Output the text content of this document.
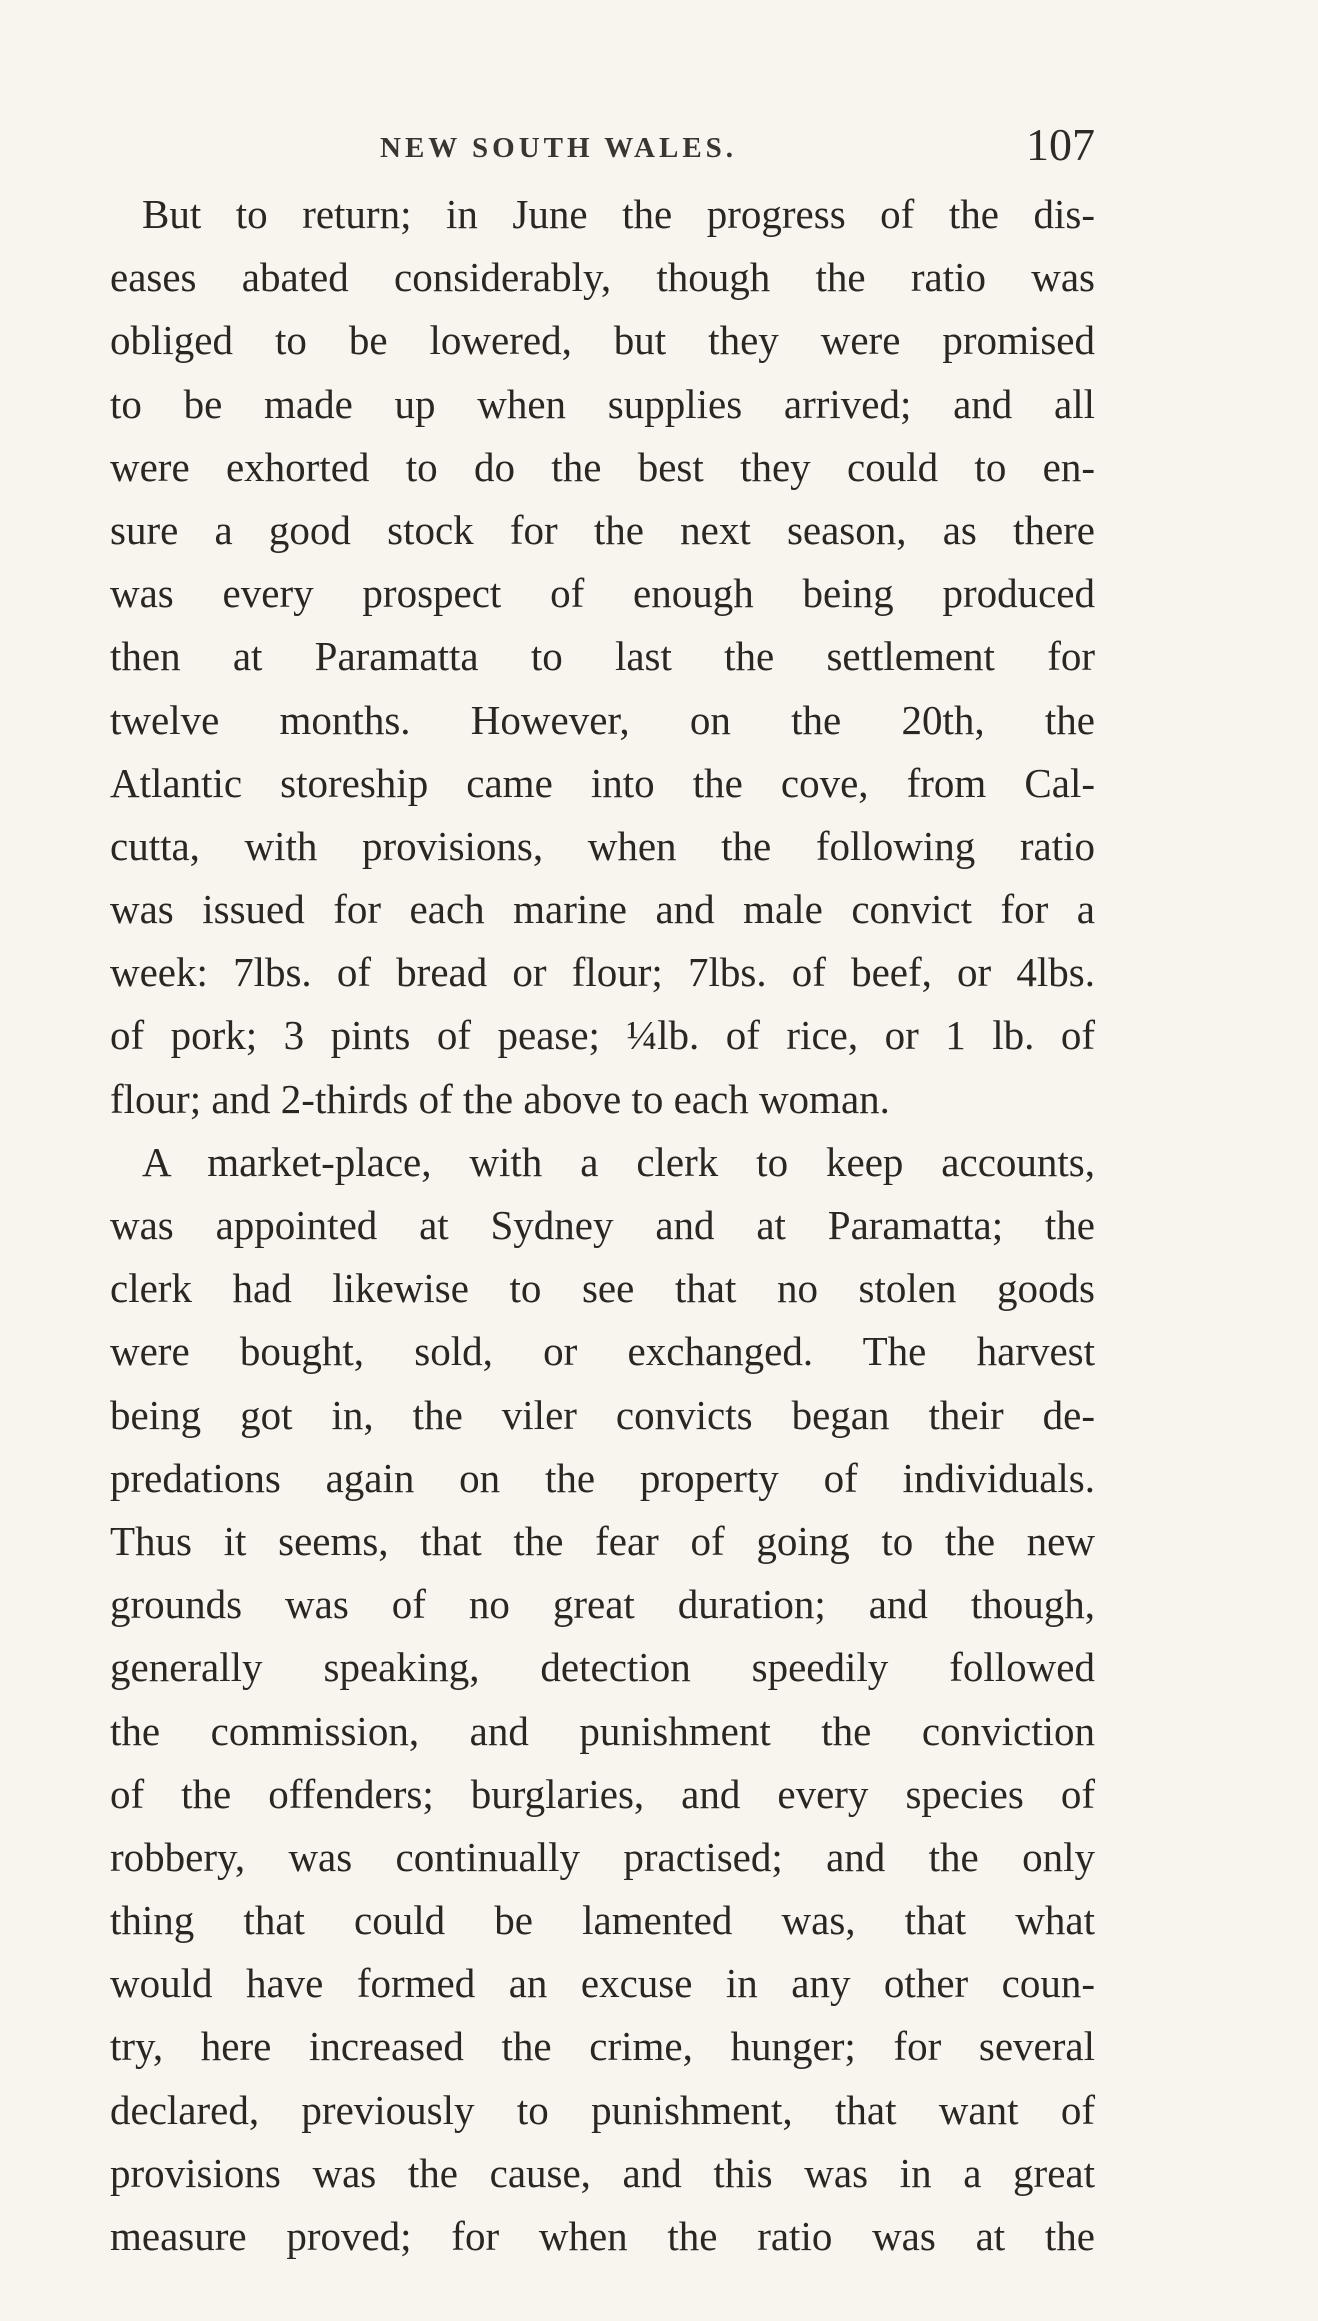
NEW SOUTH WALES.	107
But to return; in June the progress of the dis-
eases abated considerably, though the ratio was
obliged to be lowered, but they were promised
to be made up when supplies arrived; and all
were exhorted to do the best they could to en-
sure a good stock for the next season, as there
was every prospect of enough being produced
then at Paramatta to last the settlement for
twelve months. However, on the 20th, the
Atlantic storeship came into the cove, from Cal-
cutta, with provisions, when the following ratio
was issued for each marine and male convict for a
week: 7lbs. of bread or flour; 7lbs. of beef, or 4lbs.
of pork; 3 pints of pease; ¼lb. of rice, or 1 lb. of
flour; and 2-thirds of the above to each woman.
A market-place, with a clerk to keep accounts,
was appointed at Sydney and at Paramatta; the
clerk had likewise to see that no stolen goods
were bought, sold, or exchanged. The harvest
being got in, the viler convicts began their de-
predations again on the property of individuals.
Thus it seems, that the fear of going to the new
grounds was of no great duration; and though,
generally speaking, detection speedily followed
the commission, and punishment the conviction
of the offenders; burglaries, and every species of
robbery, was continually practised; and the only
thing that could be lamented was, that what
would have formed an excuse in any other coun-
try, here increased the crime, hunger; for several
declared, previously to punishment, that want of
provisions was the cause, and this was in a great
measure proved; for when the ratio was at the
